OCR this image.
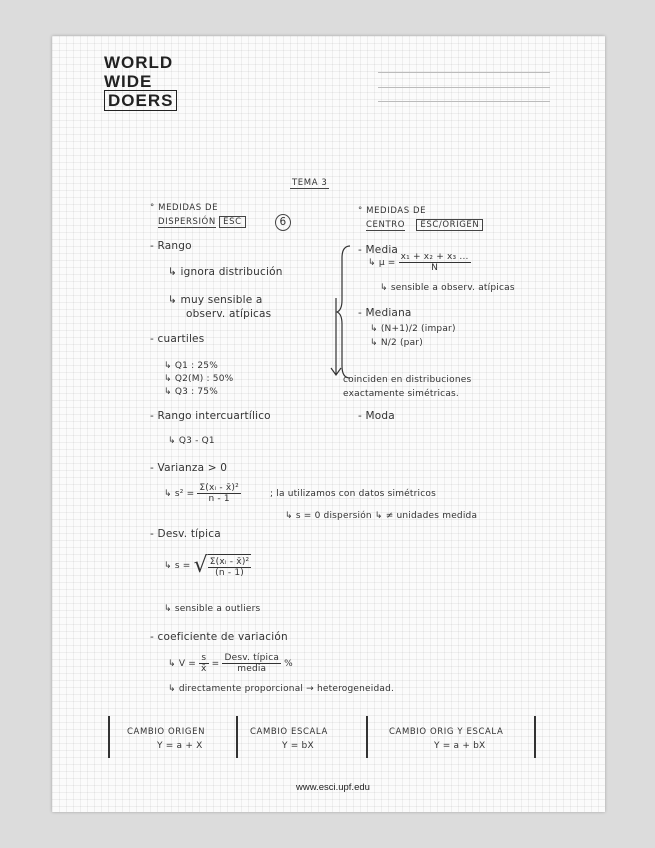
WORLD
WIDE
DOERS
TEMA 3
° MEDIDAS DE
DISPERSIÓN ESC	6
° MEDIDAS DE
CENTRO ESC/ORIGEN
- Rango
↳ ignora distribución
↳ muy sensible a
observ. atípicas
- cuartiles
↳ Q1 : 25%
↳ Q2(M) : 50%
↳ Q3 : 75%
- Rango intercuartílico
↳ Q3 - Q1
- Varianza > 0
↳ $s^2 = \frac{\text{Σ(xᵢ - x̄)²}}{n - 1}$	; la utilizamos con datos simétricos
↳ s = 0 dispersión ↳ ≠ unidades medida
- Desv. típica
↳ s = √ $\frac{\text{Σ(xᵢ - x̄)²}}{(n - 1)}$
↳ sensible a outliers
- coeficiente de variación
↳ $V = \frac{s}{x̄} = \frac{\text{Desv. típica}}{\text{media}}$ %
↳ directamente proporcional → heterogeneidad.
- Media
↳ $\mu = \frac{\text{x₁ + x₂ + x₃ ...}}{N}$
↳ sensible a observ. atípicas
- Mediana
↳ (N+1)/2 (impar)
↳ N/2 (par)
coinciden en distribuciones
exactamente simétricas.
- Moda
CAMBIO ORIGEN
Y = a + X
CAMBIO ESCALA
Y = bX
CAMBIO ORIG Y ESCALA
Y = a + bX
www.esci.upf.edu
